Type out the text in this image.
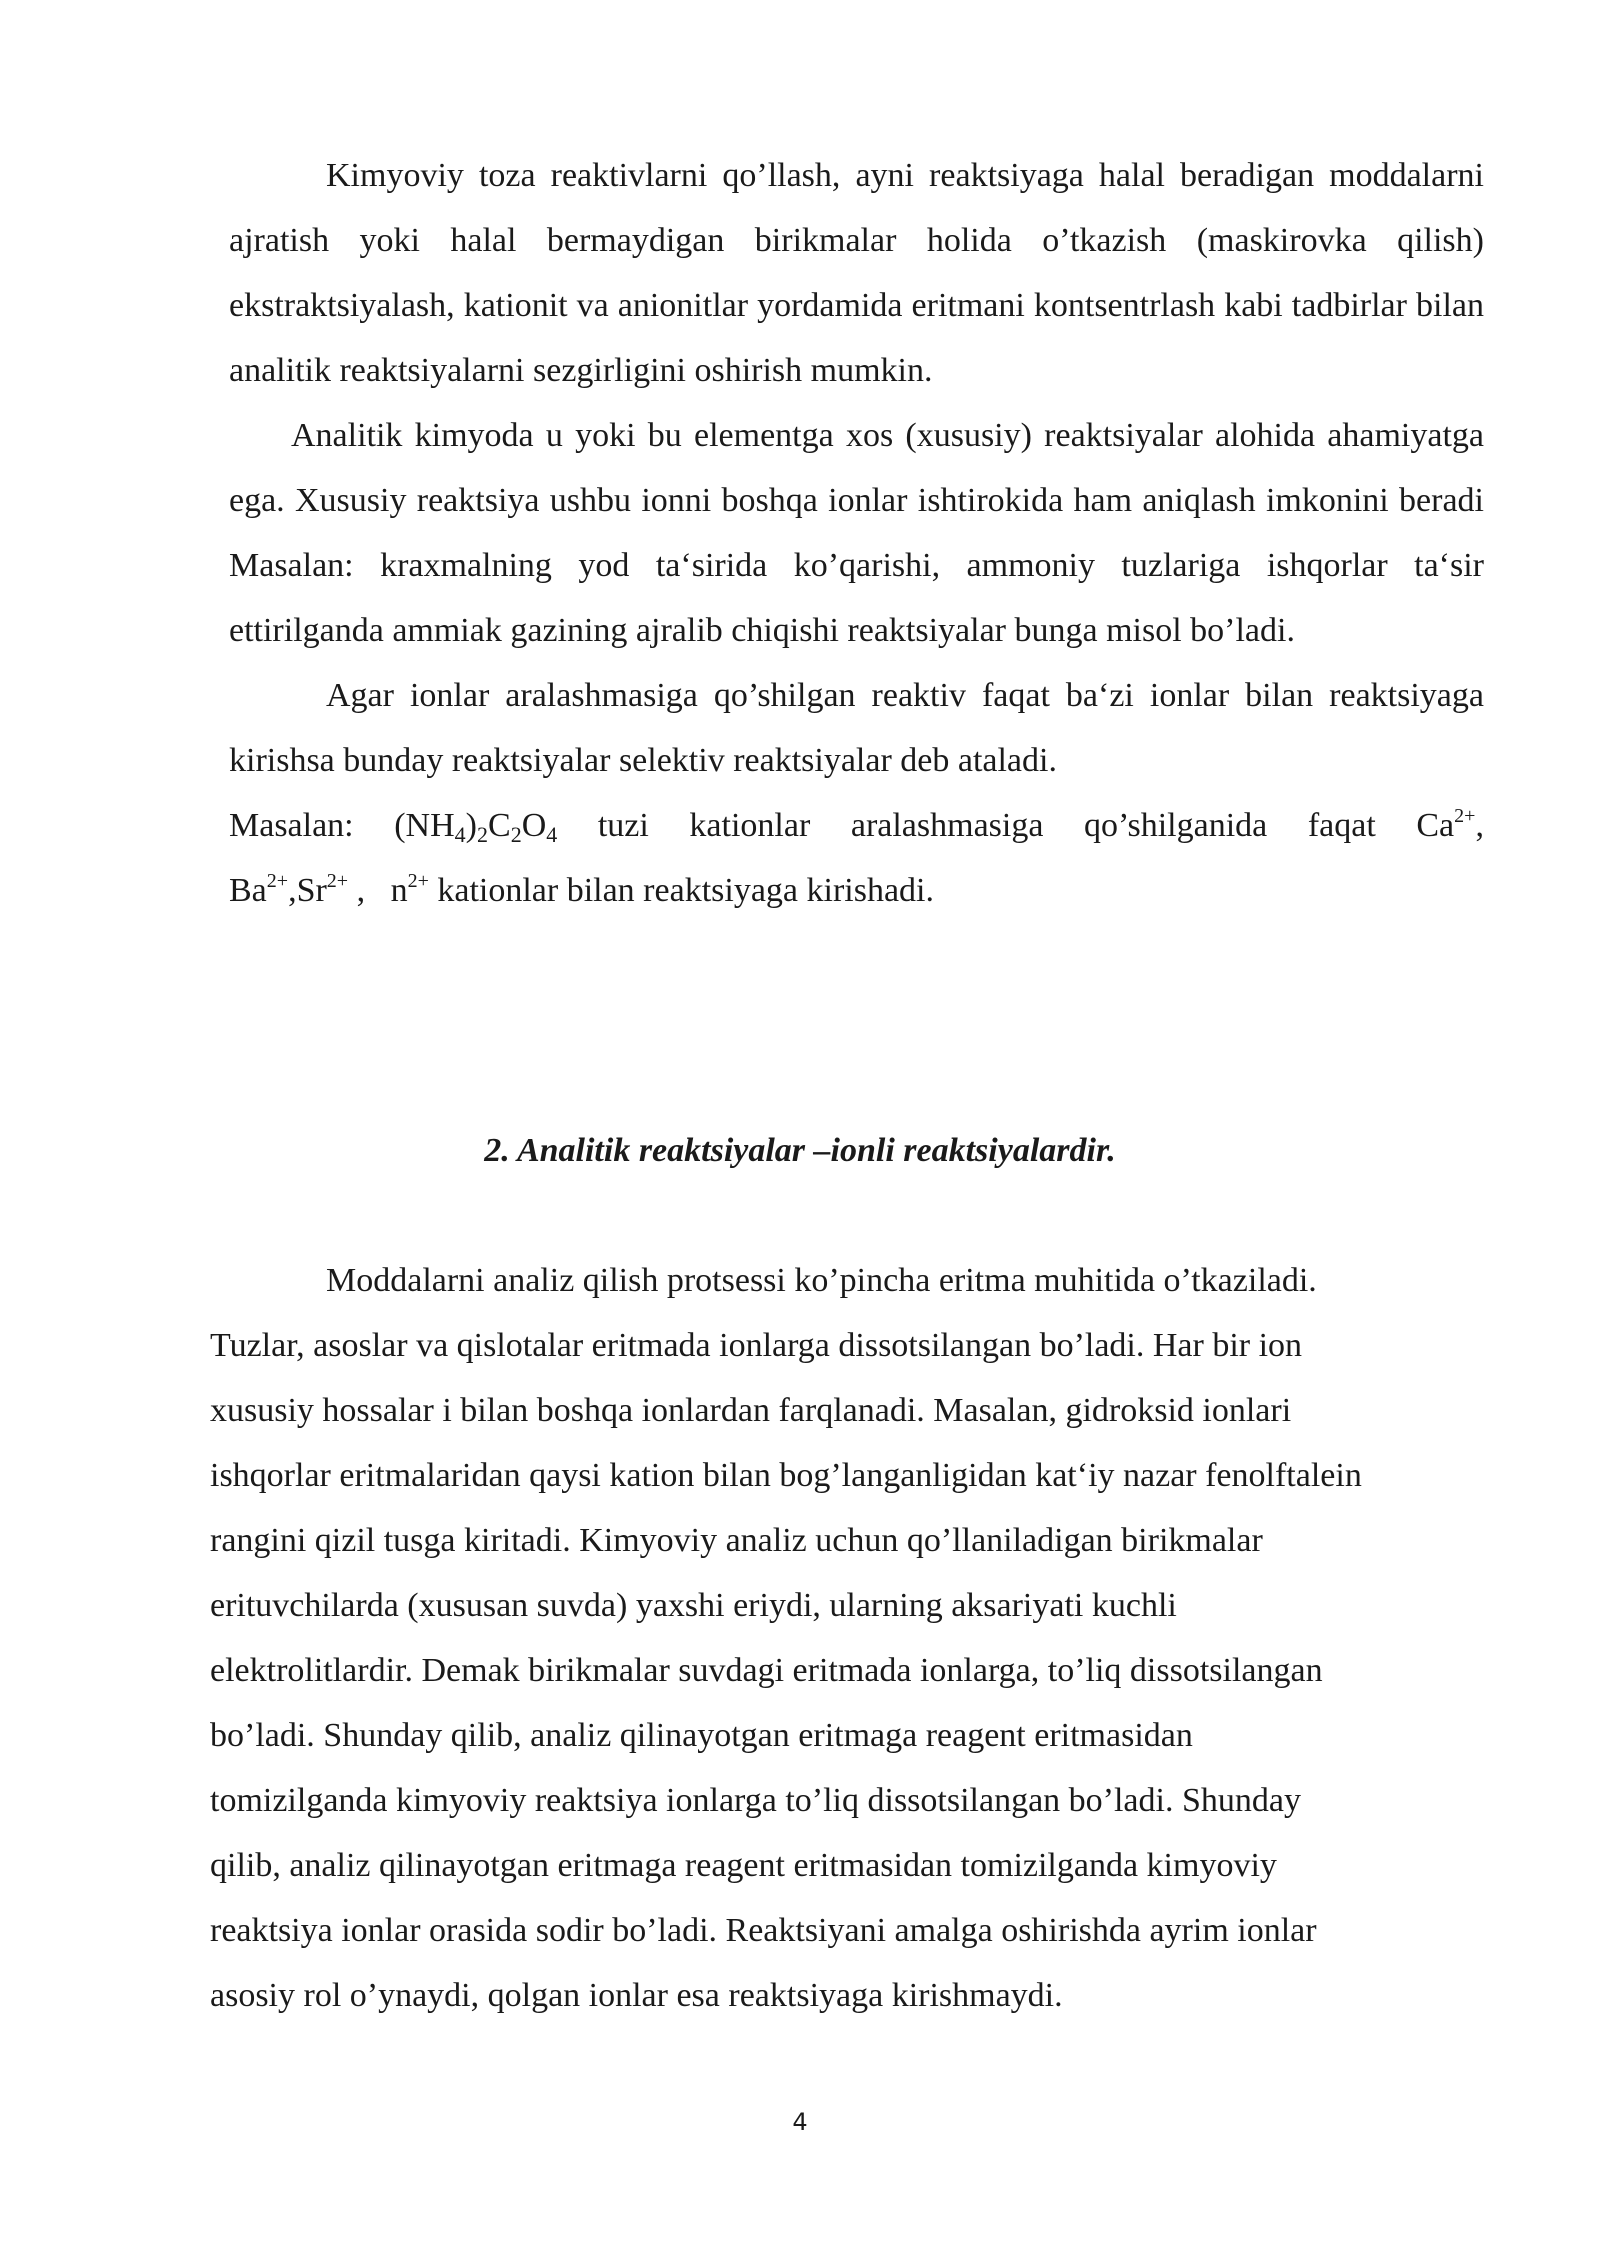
Kimyoviy toza reaktivlarni qo’llash, ayni reaktsiyaga halal beradigan moddalarni ajratish yoki halal bermaydigan birikmalar holida o’tkazish (maskirovka qilish) ekstraktsiyalash, kationit va anionitlar yordamida eritmani kontsentrlash kabi tadbirlar bilan analitik reaktsiyalarni sezgirligini oshirish mumkin.

Analitik kimyoda u yoki bu elementga xos (xususiy) reaktsiyalar alohida ahamiyatga ega. Xususiy reaktsiya ushbu ionni boshqa ionlar ishtirokida ham aniqlash imkonini beradi Masalan: kraxmalning yod ta‘sirida ko’qarishi, ammoniy tuzlariga ishqorlar ta‘sir ettirilganda ammiak gazining ajralib chiqishi reaktsiyalar bunga misol bo’ladi.

Agar ionlar aralashmasiga qo’shilgan reaktiv faqat ba‘zi ionlar bilan reaktsiyaga kirishsa bunday reaktsiyalar selektiv reaktsiyalar deb ataladi.

Masalan: $(NH_4)_2C_2O_4$ tuzi kationlar aralashmasiga qo’shilganida faqat $Ca^{2+}$,
$Ba^{2+},Sr^{2+}$ , $n^{2+}$ kationlar bilan reaktsiyaga kirishadi.
2. Analitik reaktsiyalar –ionli reaktsiyalardir.

Moddalarni analiz qilish protsessi ko’pincha eritma muhitida o’tkaziladi.
Tuzlar, asoslar va qislotalar eritmada ionlarga dissotsilangan bo’ladi. Har bir ion
xususiy hossalar i bilan boshqa ionlardan farqlanadi. Masalan, gidroksid ionlari
ishqorlar eritmalaridan qaysi kation bilan bog’langanligidan kat‘iy nazar fenolftalein
rangini qizil tusga kiritadi. Kimyoviy analiz uchun qo’llaniladigan birikmalar
erituvchilarda (xususan suvda) yaxshi eriydi, ularning aksariyati kuchli
elektrolitlardir. Demak birikmalar suvdagi eritmada ionlarga, to’liq dissotsilangan
bo’ladi. Shunday qilib, analiz qilinayotgan eritmaga reagent eritmasidan
tomizilganda kimyoviy reaktsiya ionlarga to’liq dissotsilangan bo’ladi. Shunday
qilib, analiz qilinayotgan eritmaga reagent eritmasidan tomizilganda kimyoviy
reaktsiya ionlar orasida sodir bo’ladi. Reaktsiyani amalga oshirishda ayrim ionlar
asosiy rol o’ynaydi, qolgan ionlar esa reaktsiyaga kirishmaydi.

4
